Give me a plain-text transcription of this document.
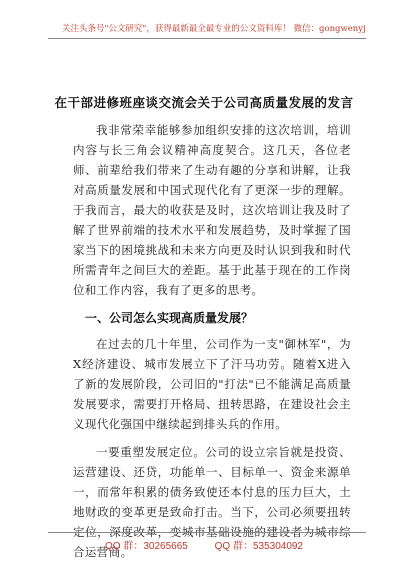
关注头条号"公文研究"，获得最新最全最专业的公文资料库！ 微信：gongwenyj
在干部进修班座谈交流会关于公司高质量发展的发言

我非常荣幸能够参加组织安排的这次培训，培训内容与长三角会议精神高度契合。这几天，各位老师、前辈给我们带来了生动有趣的分享和讲解，让我对高质量发展和中国式现代化有了更深一步的理解。于我而言，最大的收获是及时，这次培训让我及时了解了世界前端的技术水平和发展趋势，及时掌握了国家当下的困境挑战和未来方向更及时认识到我和时代所需青年之间巨大的差距。基于此基于现在的工作岗位和工作内容，我有了更多的思考。

一、公司怎么实现高质量发展？

在过去的几十年里，公司作为一支"御林军"，为X经济建设、城市发展立下了汗马功劳。随着X进入了新的发展阶段，公司旧的"打法"已不能满足高质量发展要求，需要打开格局、扭转思路，在建设社会主义现代化强国中继续起到排头兵的作用。

一要重塑发展定位。公司的设立宗旨就是投资、运营建设、还贷，功能单一、目标单一、资金来源单一，而常年积累的债务致使还本付息的压力巨大，土地财政的变革更是致命打击。当下，公司必须要扭转定位，深度改革，变城市基础设施的建设者为城市综合运营商。

QQ 群：30265665	QQ 群：535304092
